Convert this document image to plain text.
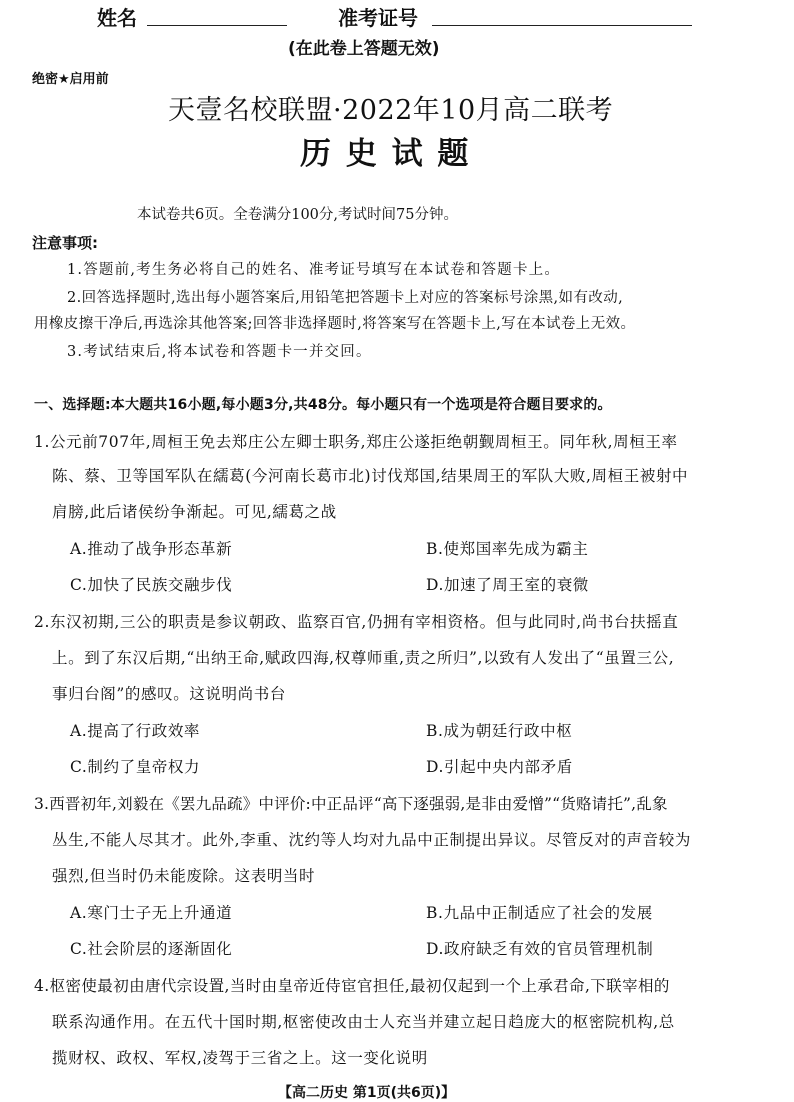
姓名	准考证号
(在此卷上答题无效)
绝密★启用前
天壹名校联盟·2022年10月高二联考
历 史 试 题
本试卷共6页。全卷满分100分,考试时间75分钟。
注意事项:
1.答题前,考生务必将自己的姓名、准考证号填写在本试卷和答题卡上。
2.回答选择题时,选出每小题答案后,用铅笔把答题卡上对应的答案标号涂黑,如有改动,
用橡皮擦干净后,再选涂其他答案;回答非选择题时,将答案写在答题卡上,写在本试卷上无效。
3.考试结束后,将本试卷和答题卡一并交回。
一、选择题:本大题共16小题,每小题3分,共48分。每小题只有一个选项是符合题目要求的。
1.公元前707年,周桓王免去郑庄公左卿士职务,郑庄公遂拒绝朝觐周桓王。同年秋,周桓王率
陈、蔡、卫等国军队在繻葛(今河南长葛市北)讨伐郑国,结果周王的军队大败,周桓王被射中
肩膀,此后诸侯纷争渐起。可见,繻葛之战
A.推动了战争形态革新	B.使郑国率先成为霸主
C.加快了民族交融步伐	D.加速了周王室的衰微
2.东汉初期,三公的职责是参议朝政、监察百官,仍拥有宰相资格。但与此同时,尚书台扶摇直
上。到了东汉后期,“出纳王命,赋政四海,权尊师重,责之所归”,以致有人发出了“虽置三公,
事归台阁”的感叹。这说明尚书台
A.提高了行政效率	B.成为朝廷行政中枢
C.制约了皇帝权力	D.引起中央内部矛盾
3.西晋初年,刘毅在《罢九品疏》中评价:中正品评“高下逐强弱,是非由爱憎”“货赂请托”,乱象
丛生,不能人尽其才。此外,李重、沈约等人均对九品中正制提出异议。尽管反对的声音较为
强烈,但当时仍未能废除。这表明当时
A.寒门士子无上升通道	B.九品中正制适应了社会的发展
C.社会阶层的逐渐固化	D.政府缺乏有效的官员管理机制
4.枢密使最初由唐代宗设置,当时由皇帝近侍宦官担任,最初仅起到一个上承君命,下联宰相的
联系沟通作用。在五代十国时期,枢密使改由士人充当并建立起日趋庞大的枢密院机构,总
揽财权、政权、军权,凌驾于三省之上。这一变化说明
【高二历史 第1页(共6页)】
